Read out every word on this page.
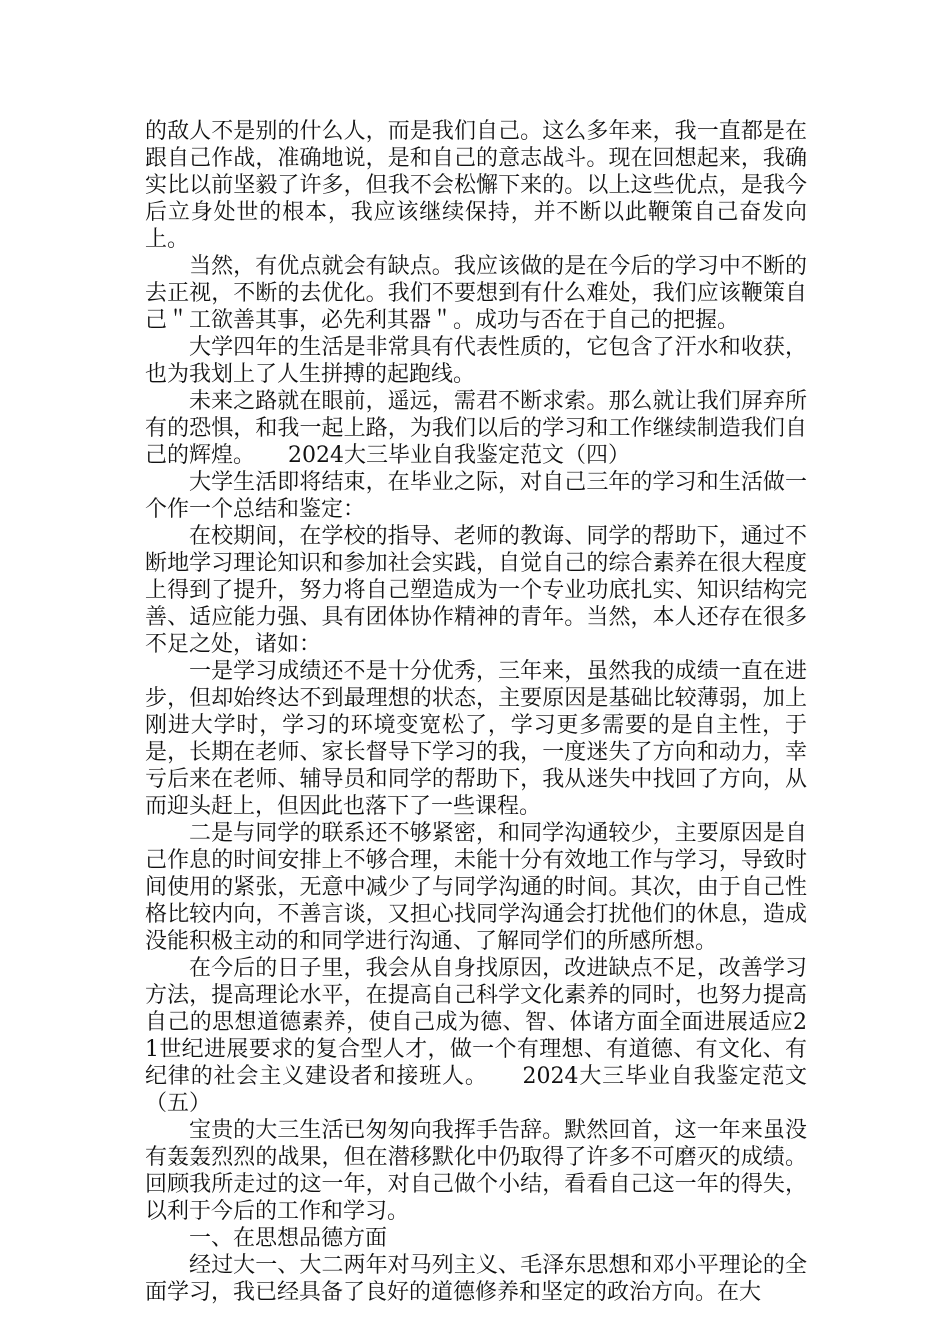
的敌人不是别的什么人，而是我们自己。这么多年来，我一直都是在跟自己作战，准确地说，是和自己的意志战斗。现在回想起来，我确实比以前坚毅了许多，但我不会松懈下来的。以上这些优点，是我今后立身处世的根本，我应该继续保持，并不断以此鞭策自己奋发向上。

当然，有优点就会有缺点。我应该做的是在今后的学习中不断的去正视，不断的去优化。我们不要想到有什么难处，我们应该鞭策自己＂工欲善其事，必先利其器＂。成功与否在于自己的把握。

大学四年的生活是非常具有代表性质的，它包含了汗水和收获，也为我划上了人生拼搏的起跑线。

未来之路就在眼前，遥远，需君不断求索。那么就让我们屏弃所有的恐惧，和我一起上路，为我们以后的学习和工作继续制造我们自己的辉煌。　　2024大三毕业自我鉴定范文（四）

大学生活即将结束，在毕业之际，对自己三年的学习和生活做一个作一个总结和鉴定：

在校期间，在学校的指导、老师的教诲、同学的帮助下，通过不断地学习理论知识和参加社会实践，自觉自己的综合素养在很大程度上得到了提升，努力将自己塑造成为一个专业功底扎实、知识结构完善、适应能力强、具有团体协作精神的青年。当然，本人还存在很多不足之处，诸如：

一是学习成绩还不是十分优秀，三年来，虽然我的成绩一直在进步，但却始终达不到最理想的状态，主要原因是基础比较薄弱，加上刚进大学时，学习的环境变宽松了，学习更多需要的是自主性，于是，长期在老师、家长督导下学习的我，一度迷失了方向和动力，幸亏后来在老师、辅导员和同学的帮助下，我从迷失中找回了方向，从而迎头赶上，但因此也落下了一些课程。

二是与同学的联系还不够紧密，和同学沟通较少，主要原因是自己作息的时间安排上不够合理，未能十分有效地工作与学习，导致时间使用的紧张，无意中减少了与同学沟通的时间。其次，由于自己性格比较内向，不善言谈，又担心找同学沟通会打扰他们的休息，造成没能积极主动的和同学进行沟通、了解同学们的所感所想。

在今后的日子里，我会从自身找原因，改进缺点不足，改善学习方法，提高理论水平，在提高自己科学文化素养的同时，也努力提高自己的思想道德素养，使自己成为德、智、体诸方面全面进展适应21世纪进展要求的复合型人才，做一个有理想、有道德、有文化、有纪律的社会主义建设者和接班人。　　2024大三毕业自我鉴定范文（五）

宝贵的大三生活已匆匆向我挥手告辞。默然回首，这一年来虽没有轰轰烈烈的战果，但在潜移默化中仍取得了许多不可磨灭的成绩。回顾我所走过的这一年，对自己做个小结，看看自己这一年的得失，以利于今后的工作和学习。

一、在思想品德方面

经过大一、大二两年对马列主义、毛泽东思想和邓小平理论的全面学习，我已经具备了良好的道德修养和坚定的政治方向。在大
